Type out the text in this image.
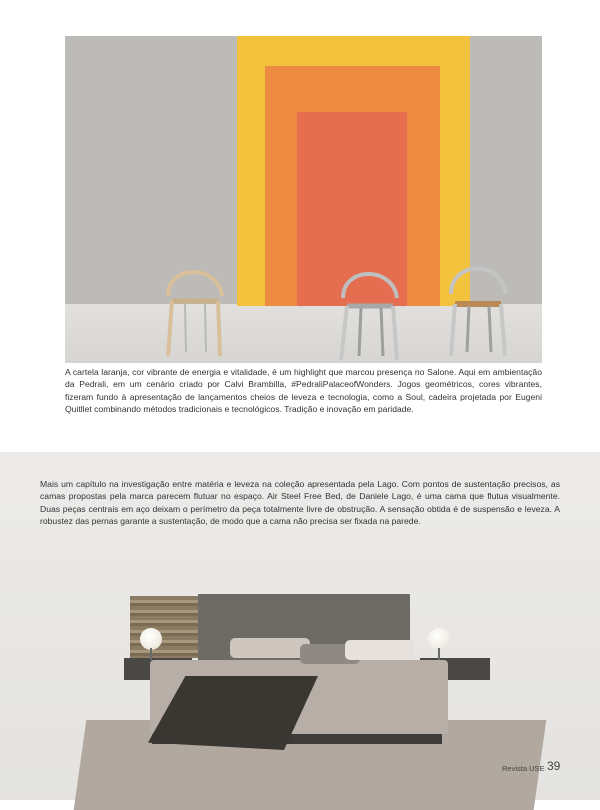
A cartela laranja, cor vibrante de energia e vitalidade, é um highlight que marcou presença no Salone. Aqui em ambientação da Pedrali, em um cenário criado por Calvi Brambilla, #PedraliPalaceofWonders. Jogos geométricos, cores vibrantes, fizeram fundo à apresentação de lançamentos cheios de leveza e tecnologia, como a Soul, cadeira projetada por Eugeni Quitllet combinando métodos tradicionais e tecnológicos. Tradição e inovação em paridade.

Mais um capítulo na investigação entre matéria e leveza na coleção apresentada pela Lago. Com pontos de sustentação precisos, as camas propostas pela marca parecem flutuar no espaço. Air Steel Free Bed, de Daniele Lago, é uma cama que flutua visualmente. Duas peças centrais em aço deixam o perímetro da peça totalmente livre de obstrução. A sensação obtida é de suspensão e leveza. A robustez das pernas garante a sustentação, de modo que a cama não precisa ser fixada na parede.

Revista USE 39
